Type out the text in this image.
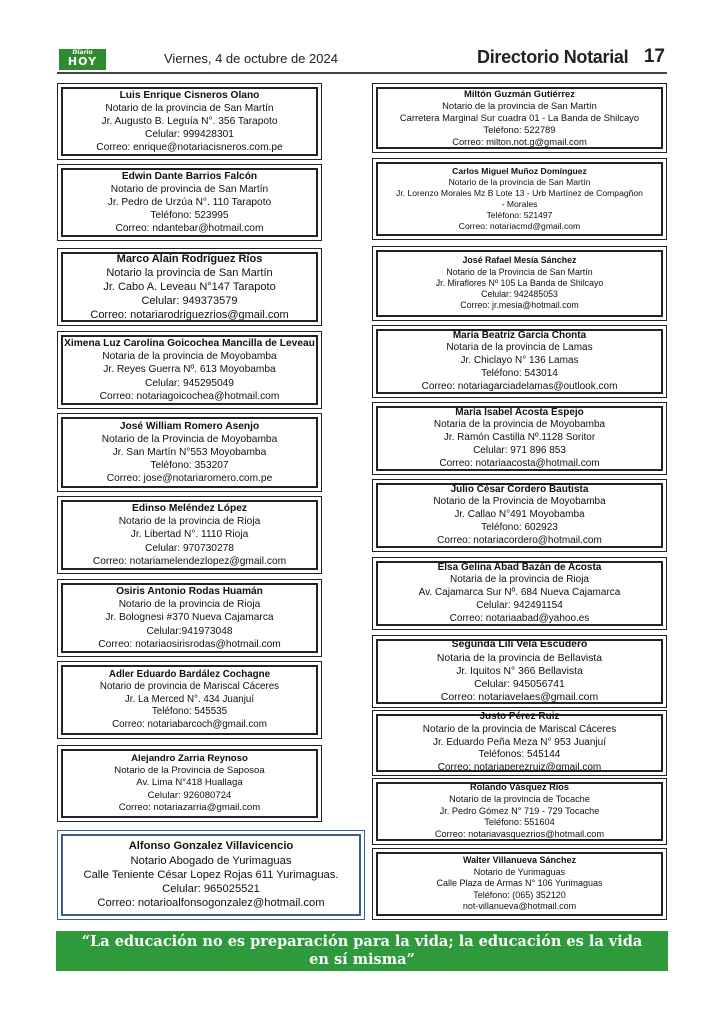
Diario
HOY	Viernes, 4 de octubre de 2024	Directorio Notarial 17
Luis Enrique Cisneros Olano
Notario de la provincia de San Martín
Jr. Augusto B. Leguía N°. 356 Tarapoto
Celular: 999428301
Correo: enrique@notariacisneros.com.pe
Edwin Dante Barrios Falcón
Notario de provincia de San Martín
Jr. Pedro de Urzúa N°. 110 Tarapoto
Teléfono: 523995
Correo: ndantebar@hotmail.com
Marco Alain Rodríguez Ríos
Notario la provincia de San Martín
Jr. Cabo A. Leveau N°147 Tarapoto
Celular: 949373579
Correo: notariarodriguezrios@gmail.com
Ximena Luz Carolina Goicochea Mancilla de Leveau
Notaria de la provincia de Moyobamba
Jr. Reyes Guerra Nº. 613 Moyobamba
Celular: 945295049
Correo: notariagoicochea@hotmail.com
José William Romero Asenjo
Notario de la Provincia de Moyobamba
Jr. San Martín N°553 Moyobamba
Teléfono: 353207
Correo: jose@notariaromero.com.pe
Edinso Meléndez López
Notario de la provincia de Rioja
Jr. Libertad N°. 1110 Rioja
Celular: 970730278
Correo: notariamelendezlopez@gmail.com
Osiris Antonio Rodas Huamán
Notario de la provincia de Rioja
Jr. Bolognesi #370 Nueva Cajamarca
Celular:941973048
Correo: notariaosirisrodas@hotmail.com
Adler Eduardo Bardález Cochagne
Notario de provincia de Mariscal Cáceres
Jr. La Merced N°. 434 Juanjuí
Teléfono: 545535
Correo: notariabarcoch@gmail.com
Alejandro Zarria Reynoso
Notario de la Provincia de Saposoa
Av. Lima N°418 Huallaga
Celular: 926080724
Correo: notariazarria@gmail.com
Alfonso Gonzalez Villavicencio
Notario Abogado de Yurimaguas
Calle Teniente César Lopez Rojas 611 Yurimaguas.
Celular: 965025521
Correo: notarioalfonsogonzalez@hotmail.com
Miltón Guzmán Gutiérrez
Notario de la provincia de San Martín
Carretera Marginal Sur cuadra 01 - La Banda de Shilcayo
Teléfono: 522789
Correo: milton.not.g@gmail.com
Carlos Miguel Muñoz Domínguez
Notario de la provincia de San Martín
Jr. Lorenzo Morales Mz B Lote 13 - Urb Martínez de Compagñon
- Morales
Teléfono: 521497
Correo: notariacmd@gmail.com
José Rafael Mesía Sánchez
Notario de la Provincia de San Martín
Jr. Miraflores Nº 105 La Banda de Shilcayo
Celular: 942485053
Correo: jr.mesia@hotmail.com
María Beatríz García Chonta
Notaria de la provincia de Lamas
Jr. Chiclayo N° 136 Lamas
Teléfono: 543014
Correo: notariagarciadelamas@outlook.com
María Isabel Acosta Espejo
Notaria de la provincia de Moyobamba
Jr. Ramón Castilla Nº.1128 Soritor
Celular: 971 896 853
Correo: notariaacosta@hotmail.com
Julio César Cordero Bautista
Notario de la Provincia de Moyobamba
Jr. Callao N°491 Moyobamba
Teléfono: 602923
Correo: notariacordero@hotmail.com
Elsa Gelina Abad Bazán de Acosta
Notaria de la provincia de Rioja
Av. Cajamarca Sur Nº. 684 Nueva Cajamarca
Celular: 942491154
Correo: notariaabad@yahoo.es
Segunda Lili Vela Escudero
Notaria de la provincia de Bellavista
Jr. Iquitos N° 366 Bellavista
Celular: 945056741
Correo: notariavelaes@gmail.com
Justo Pérez Ruiz
Notario de la provincia de Mariscal Cáceres
Jr. Eduardo Peña Meza N° 953 Juanjuí
Teléfonos: 545144
Correo: notariaperezruiz@gmail.com
Rolando Vásquez Ríos
Notario de la provincia de Tocache
Jr. Pedro Gómez N° 719 - 729 Tocache
Teléfono: 551604
Correo: notariavasquezrios@hotmail.com
Walter Villanueva Sánchez
Notario de Yurimaguas
Calle Plaza de Armas N° 106 Yurimaguas
Teléfono: (065) 352120
not-villanueva@hotmail.com
“La educación no es preparación para la vida; la educación es la vida en sí misma”
